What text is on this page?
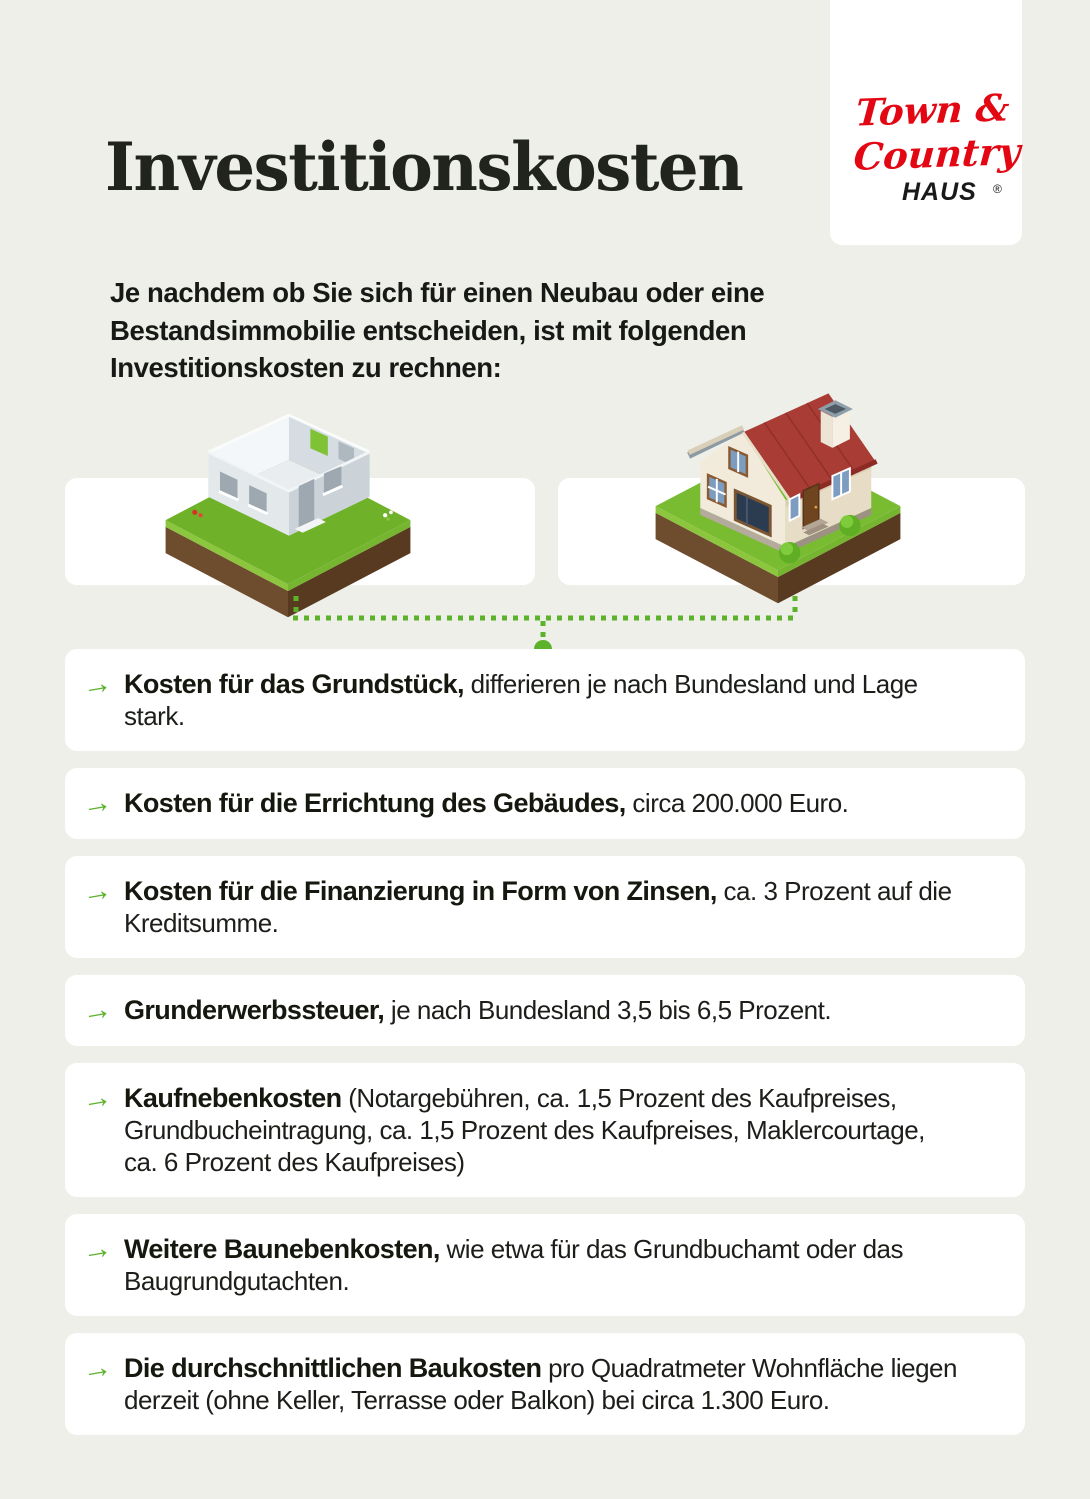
Town &
Country
HAUS ®
Investitionskosten

Je nachdem ob Sie sich für einen Neubau oder eine Bestandsimmobilie entscheiden, ist mit folgenden Investitionskosten zu rechnen:

→ Kosten für das Grundstück, differieren je nach Bundesland und Lage stark.

→ Kosten für die Errichtung des Gebäudes, circa 200.000 Euro.

→ Kosten für die Finanzierung in Form von Zinsen, ca. 3 Prozent auf die Kreditsumme.

→ Grunderwerbssteuer, je nach Bundesland 3,5 bis 6,5 Prozent.

→ Kaufnebenkosten (Notargebühren, ca. 1,5 Prozent des Kaufpreises, Grundbucheintragung, ca. 1,5 Prozent des Kaufpreises, Maklercourtage, ca. 6 Prozent des Kaufpreises)

→ Weitere Baunebenkosten, wie etwa für das Grundbuchamt oder das Baugrundgutachten.

→ Die durchschnittlichen Baukosten pro Quadratmeter Wohnfläche liegen derzeit (ohne Keller, Terrasse oder Balkon) bei circa 1.300 Euro.
